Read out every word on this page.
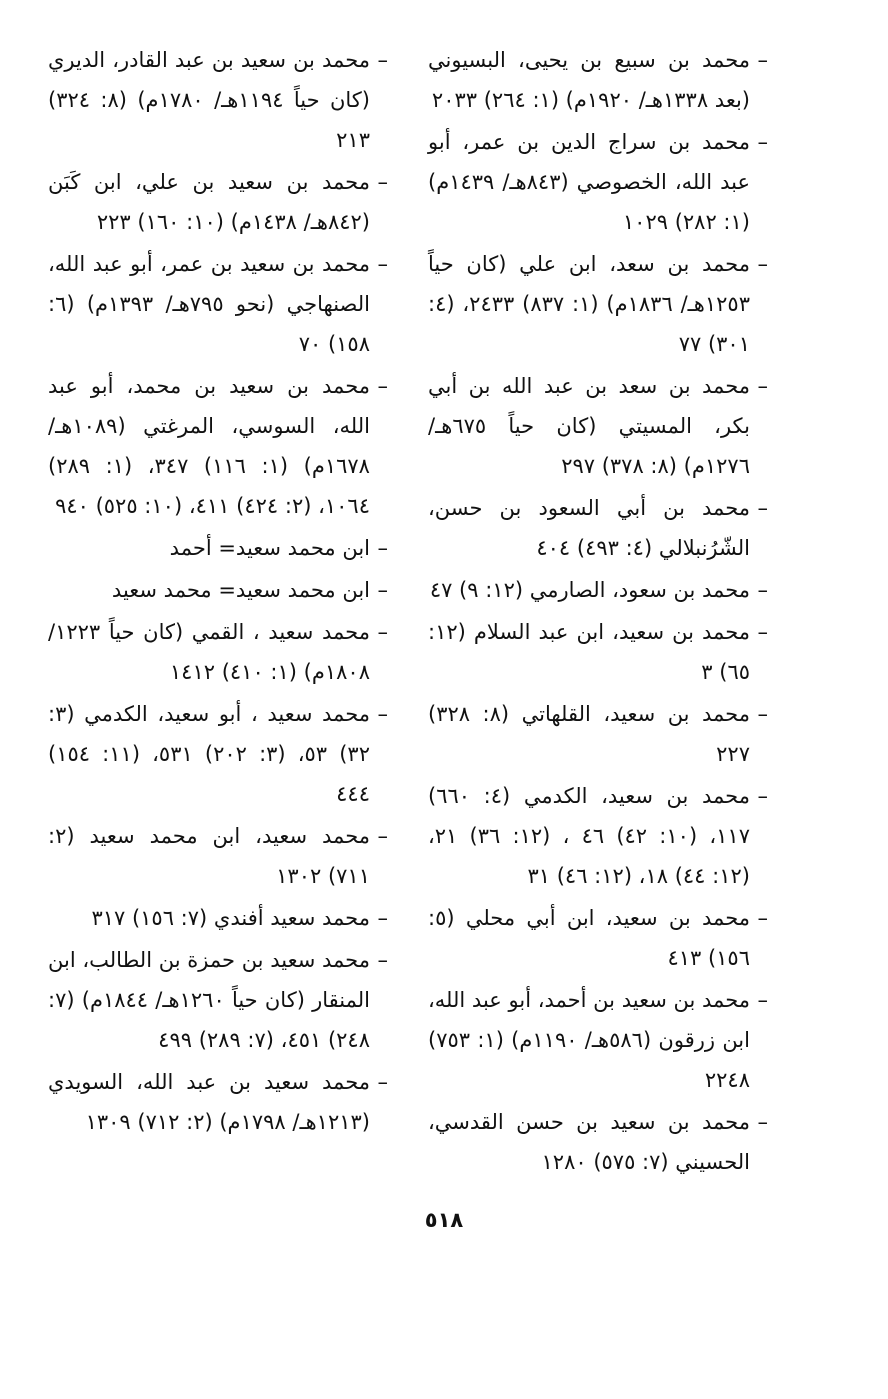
–
محمد بن سبيع بن يحيى، البسيوني (بعد ١٣٣٨هـ/ ١٩٢٠م) (١: ٢٦٤) ٢٠٣٣
–
محمد بن سراج الدين بن عمر، أبو عبد الله، الخصوصي (٨٤٣هـ/ ١٤٣٩م) (١: ٢٨٢) ١٠٢٩
–
محمد بن سعد، ابن علي (كان حياً ١٢٥٣هـ/ ١٨٣٦م) (١: ٨٣٧) ٢٤٣٣، (٤: ٣٠١) ٧٧
–
محمد بن سعد بن عبد الله بن أبي بكر، المسيتي (كان حياً ٦٧٥هـ/ ١٢٧٦م) (٨: ٣٧٨) ٢٩٧
–
محمد بن أبي السعود بن حسن، الشّرُنبلالي (٤: ٤٩٣) ٤٠٤
–
محمد بن سعود، الصارمي (١٢: ٩) ٤٧
–
محمد بن سعيد، ابن عبد السلام (١٢: ٦٥) ٣
–
محمد بن سعيد، القلهاتي (٨: ٣٢٨) ٢٢٧
–
محمد بن سعيد، الكدمي (٤: ٦٦٠) ١١٧، (١٠: ٤٢) ٤٦ ، (١٢: ٣٦) ٢١، (١٢: ٤٤) ١٨، (١٢: ٤٦) ٣١
–
محمد بن سعيد، ابن أبي محلي (٥: ١٥٦) ٤١٣
–
محمد بن سعيد بن أحمد، أبو عبد الله، ابن زرقون (٥٨٦هـ/ ١١٩٠م) (١: ٧٥٣) ٢٢٤٨
–
محمد بن سعيد بن حسن القدسي، الحسيني (٧: ٥٧٥) ١٢٨٠
–
محمد بن سعيد بن عبد القادر، الديري (كان حياً ١١٩٤هـ/ ١٧٨٠م) (٨: ٣٢٤) ٢١٣
–
محمد بن سعيد بن علي، ابن كَبَن (٨٤٢هـ/ ١٤٣٨م) (١٠: ١٦٠) ٢٢٣
–
محمد بن سعيد بن عمر، أبو عبد الله، الصنهاجي (نحو ٧٩٥هـ/ ١٣٩٣م) (٦: ١٥٨) ٧٠
–
محمد بن سعيد بن محمد، أبو عبد الله، السوسي، المرغتي (١٠٨٩هـ/ ١٦٧٨م) (١: ١١٦) ٣٤٧، (١: ٢٨٩) ١٠٦٤، (٢: ٤٢٤) ٤١١، (١٠: ٥٢٥) ٩٤٠
–
ابن محمد سعيد= أحمد
–
ابن محمد سعيد= محمد سعيد
–
محمد سعيد ، القمي (كان حياً ١٢٢٣/ ١٨٠٨م) (١: ٤١٠) ١٤١٢
–
محمد سعيد ، أبو سعيد، الكدمي (٣: ٣٢) ٥٣، (٣: ٢٠٢) ٥٣١، (١١: ١٥٤) ٤٤٤
–
محمد سعيد، ابن محمد سعيد (٢: ٧١١) ١٣٠٢
–
محمد سعيد أفندي (٧: ١٥٦) ٣١٧
–
محمد سعيد بن حمزة بن الطالب، ابن المنقار (كان حياً ١٢٦٠هـ/ ١٨٤٤م) (٧: ٢٤٨) ٤٥١، (٧: ٢٨٩) ٤٩٩
–
محمد سعيد بن عبد الله، السويدي (١٢١٣هـ/ ١٧٩٨م) (٢: ٧١٢) ١٣٠٩
٥١٨
